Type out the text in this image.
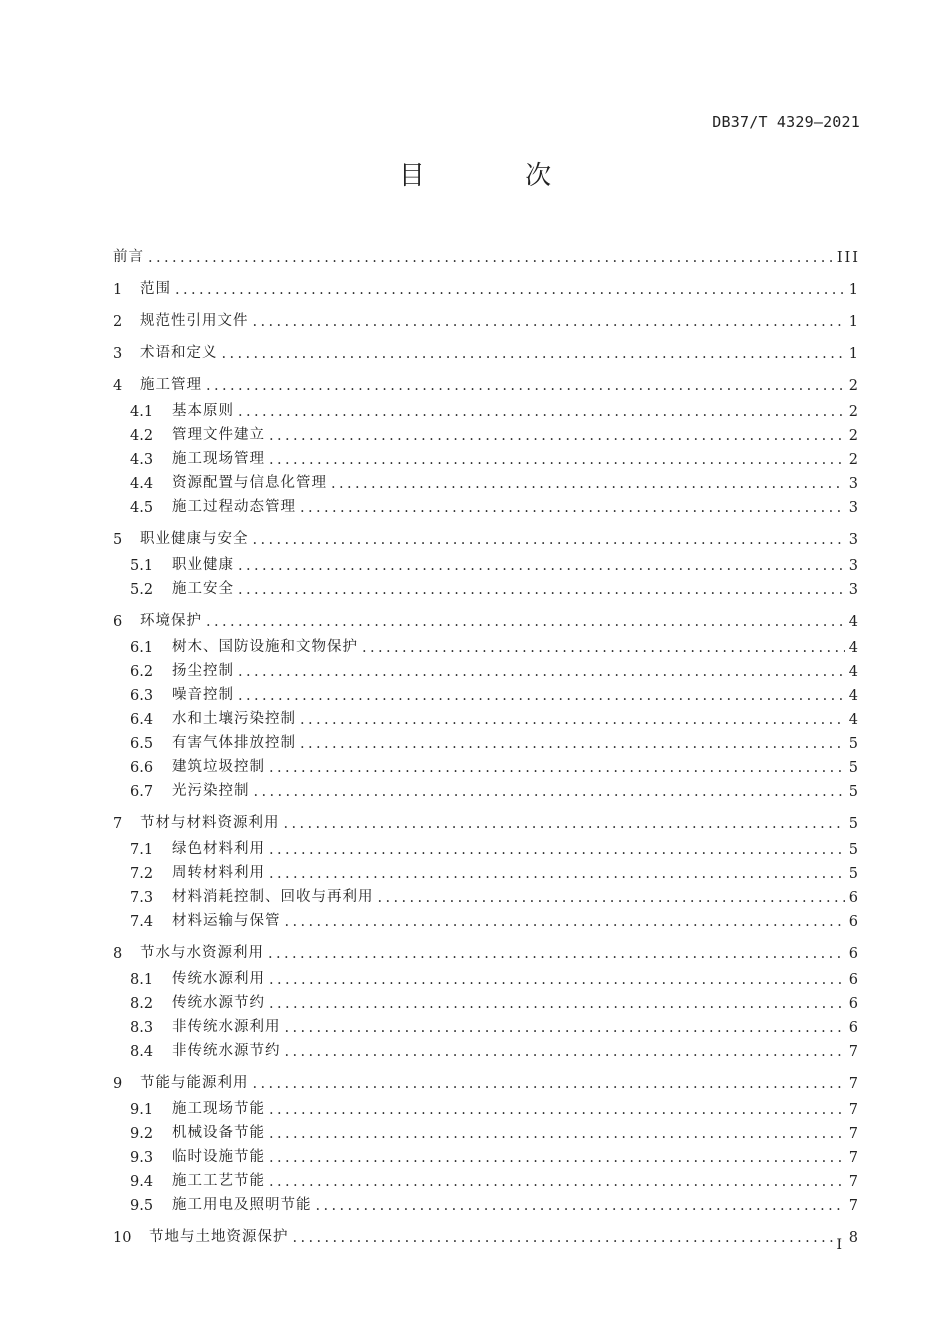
DB37/T 4329—2021
目 次
前言 .....	III
1	范围 .....	1
2	规范性引用文件 .....	1
3	术语和定义 .....	1
4	施工管理 .....	2
4.1	基本原则 .....	2
4.2	管理文件建立 .....	2
4.3	施工现场管理 .....	2
4.4	资源配置与信息化管理 .....	3
4.5	施工过程动态管理 .....	3
5	职业健康与安全 .....	3
5.1	职业健康 .....	3
5.2	施工安全 .....	3
6	环境保护 .....	4
6.1	树木、国防设施和文物保护 .....	4
6.2	扬尘控制 .....	4
6.3	噪音控制 .....	4
6.4	水和土壤污染控制 .....	4
6.5	有害气体排放控制 .....	5
6.6	建筑垃圾控制 .....	5
6.7	光污染控制 .....	5
7	节材与材料资源利用 .....	5
7.1	绿色材料利用 .....	5
7.2	周转材料利用 .....	5
7.3	材料消耗控制、回收与再利用 .....	6
7.4	材料运输与保管 .....	6
8	节水与水资源利用 .....	6
8.1	传统水源利用 .....	6
8.2	传统水源节约 .....	6
8.3	非传统水源利用 .....	6
8.4	非传统水源节约 .....	7
9	节能与能源利用 .....	7
9.1	施工现场节能 .....	7
9.2	机械设备节能 .....	7
9.3	临时设施节能 .....	7
9.4	施工工艺节能 .....	7
9.5	施工用电及照明节能 .....	7
10	节地与土地资源保护 .....	8
I
